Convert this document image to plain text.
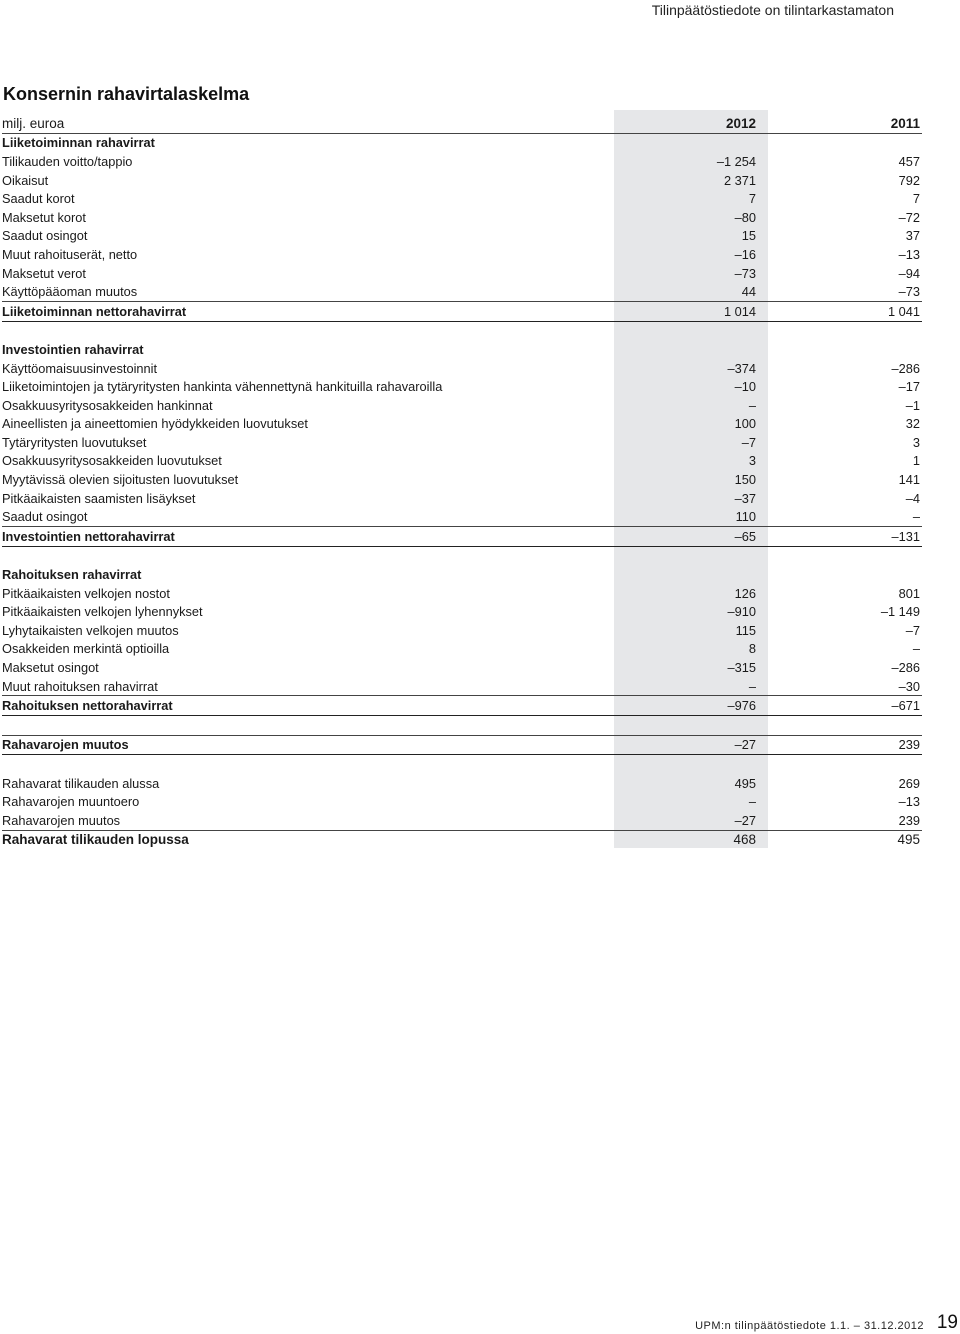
Tilinpäätöstiedote on tilintarkastamaton
Konsernin rahavirtalaskelma
milj. euroa	2012	2011
Liiketoiminnan rahavirrat
Tilikauden voitto/tappio	–1 254	457
Oikaisut	2 371	792
Saadut korot	7	7
Maksetut korot	–80	–72
Saadut osingot	15	37
Muut rahoituserät, netto	–16	–13
Maksetut verot	–73	–94
Käyttöpääoman muutos	44	–73
Liiketoiminnan nettorahavirrat	1 014	1 041
Investointien rahavirrat
Käyttöomaisuusinvestoinnit	–374	–286
Liiketoimintojen ja tytäryritysten hankinta vähennettynä hankituilla rahavaroilla	–10	–17
Osakkuusyritysosakkeiden hankinnat	–	–1
Aineellisten ja aineettomien hyödykkeiden luovutukset	100	32
Tytäryritysten luovutukset	–7	3
Osakkuusyritysosakkeiden luovutukset	3	1
Myytävissä olevien sijoitusten luovutukset	150	141
Pitkäaikaisten saamisten lisäykset	–37	–4
Saadut osingot	110	–
Investointien nettorahavirrat	–65	–131
Rahoituksen rahavirrat
Pitkäaikaisten velkojen nostot	126	801
Pitkäaikaisten velkojen lyhennykset	–910	–1 149
Lyhytaikaisten velkojen muutos	115	–7
Osakkeiden merkintä optioilla	8	–
Maksetut osingot	–315	–286
Muut rahoituksen rahavirrat	–	–30
Rahoituksen nettorahavirrat	–976	–671
Rahavarojen muutos	–27	239
Rahavarat tilikauden alussa	495	269
Rahavarojen muuntoero	–	–13
Rahavarojen muutos	–27	239
Rahavarat tilikauden lopussa	468	495
UPM:n tilinpäätöstiedote 1.1. – 31.12.2012 19
